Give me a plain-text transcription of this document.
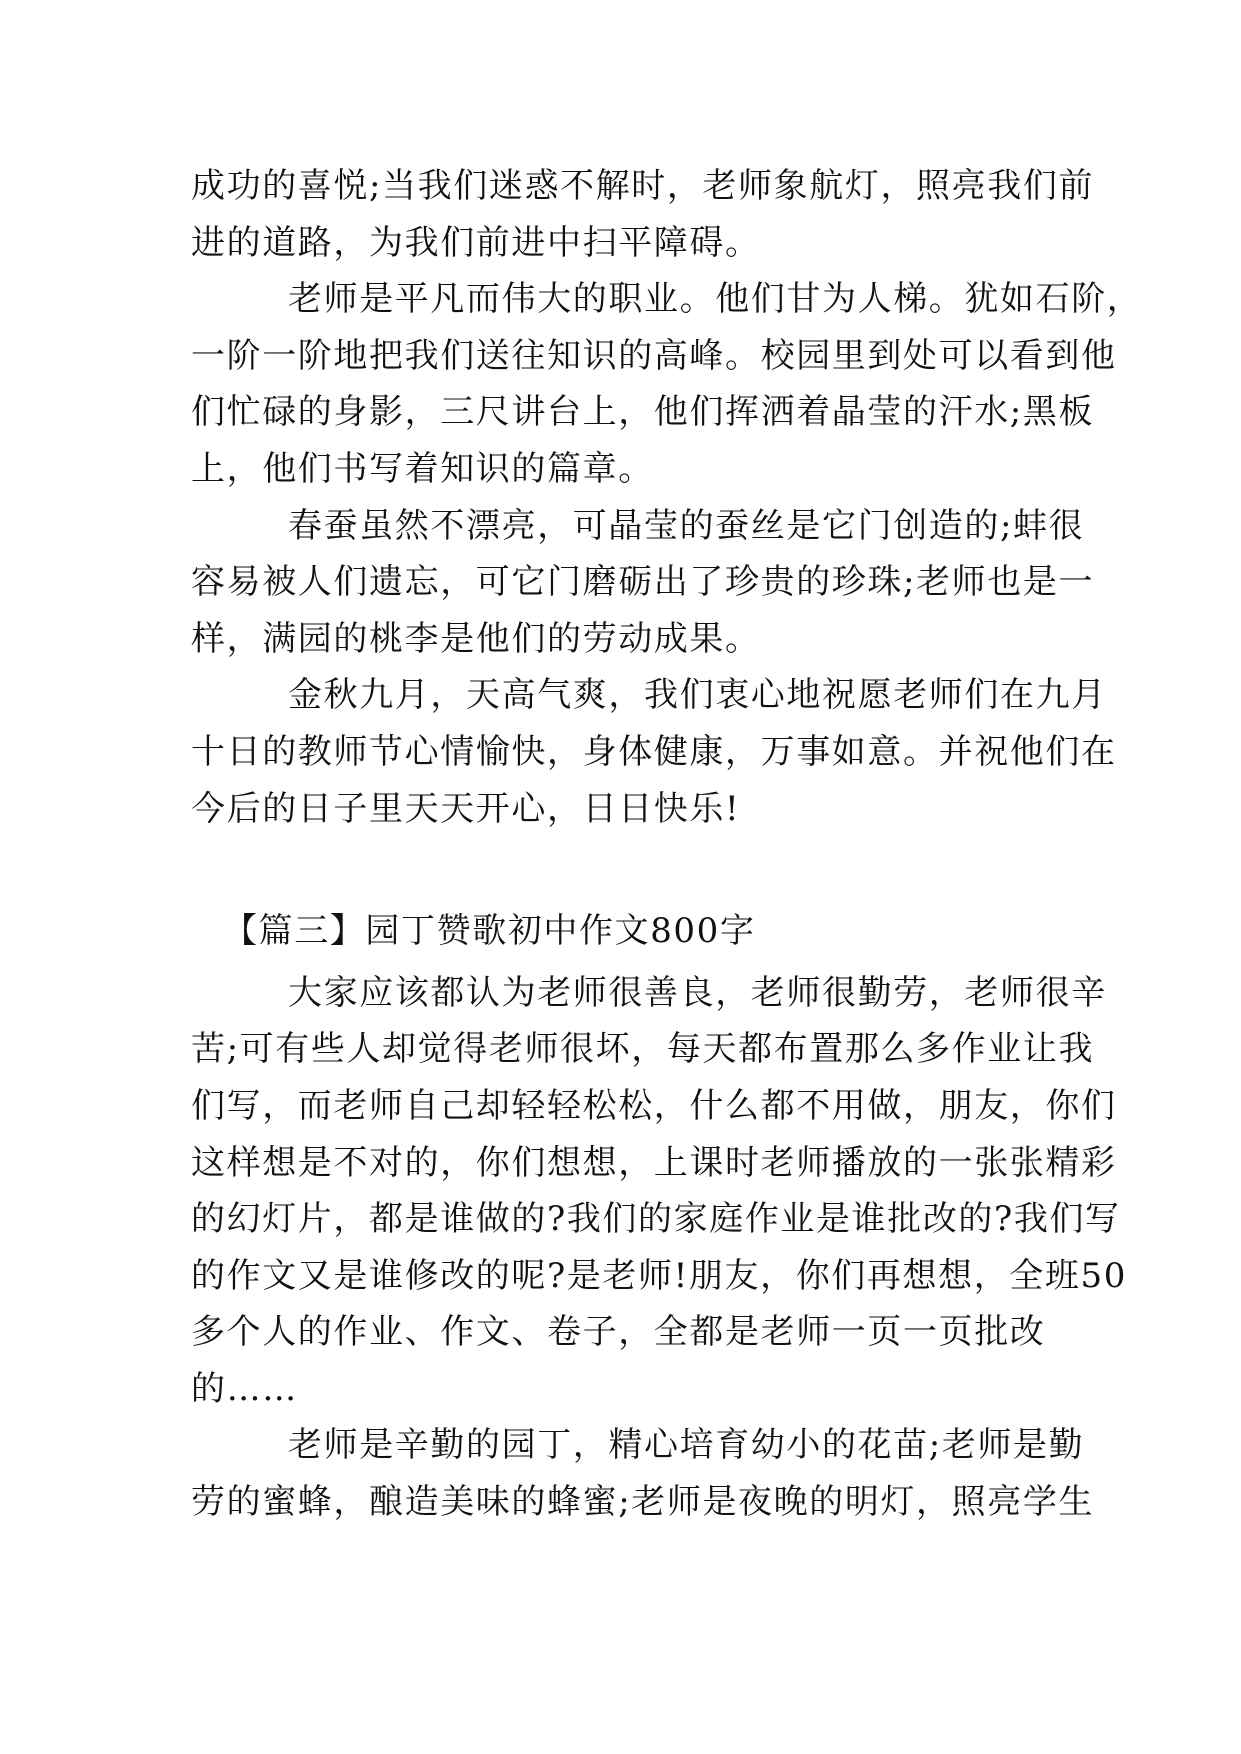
成功的喜悦;当我们迷惑不解时，老师象航灯，照亮我们前
进的道路，为我们前进中扫平障碍。
老师是平凡而伟大的职业。他们甘为人梯。犹如石阶，
一阶一阶地把我们送往知识的高峰。校园里到处可以看到他
们忙碌的身影，三尺讲台上，他们挥洒着晶莹的汗水;黑板
上，他们书写着知识的篇章。
春蚕虽然不漂亮，可晶莹的蚕丝是它门创造的;蚌很
容易被人们遗忘，可它门磨砺出了珍贵的珍珠;老师也是一
样，满园的桃李是他们的劳动成果。
金秋九月，天高气爽，我们衷心地祝愿老师们在九月
十日的教师节心情愉快，身体健康，万事如意。并祝他们在
今后的日子里天天开心，日日快乐!
【篇三】园丁赞歌初中作文800字
大家应该都认为老师很善良，老师很勤劳，老师很辛
苦;可有些人却觉得老师很坏，每天都布置那么多作业让我
们写，而老师自己却轻轻松松，什么都不用做，朋友，你们
这样想是不对的，你们想想，上课时老师播放的一张张精彩
的幻灯片，都是谁做的?我们的家庭作业是谁批改的?我们写
的作文又是谁修改的呢?是老师!朋友，你们再想想，全班50
多个人的作业、作文、卷子，全都是老师一页一页批改
的……
老师是辛勤的园丁，精心培育幼小的花苗;老师是勤
劳的蜜蜂，酿造美味的蜂蜜;老师是夜晚的明灯，照亮学生
